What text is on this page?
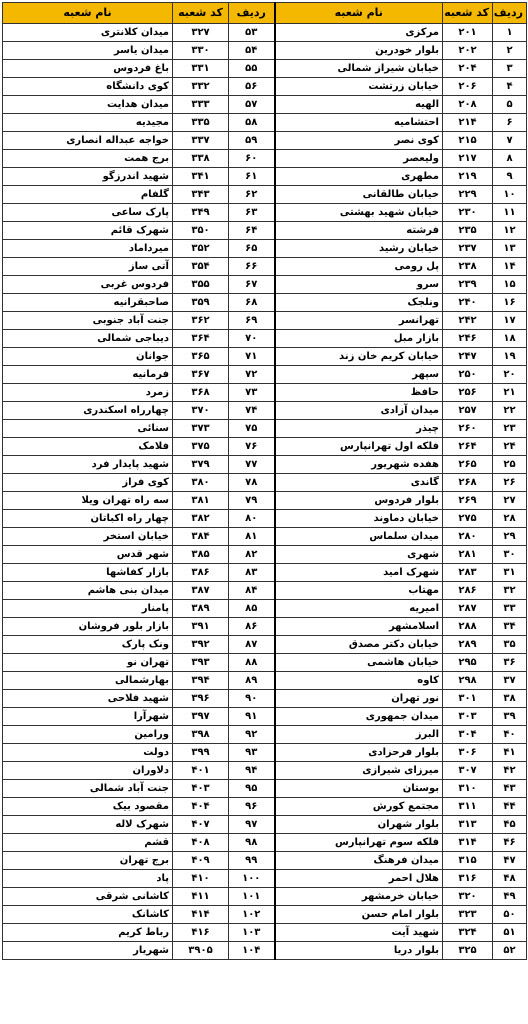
ردیف	کد شعبه	نام شعبه	ردیف	کد شعبه	نام شعبه
۱	۲۰۱	مرکزی	۵۳	۳۲۷	میدان کلانتری
۲	۲۰۲	بلوار خودرین	۵۴	۳۳۰	میدان یاسر
۳	۲۰۴	خیابان شیراز شمالی	۵۵	۳۳۱	باغ فردوس
۴	۲۰۶	خیابان زرتشت	۵۶	۳۳۲	کوی دانشگاه
۵	۲۰۸	الهیه	۵۷	۳۳۳	میدان هدایت
۶	۲۱۴	احتشامیه	۵۸	۳۳۵	مجیدیه
۷	۲۱۵	کوی نصر	۵۹	۳۳۷	خواجه عبداله انصاری
۸	۲۱۷	ولیعصر	۶۰	۳۳۸	برج همت
۹	۲۱۹	مطهری	۶۱	۳۴۱	شهید اندرزگو
۱۰	۲۲۹	خیابان طالقانی	۶۲	۳۴۳	گلفام
۱۱	۲۳۰	خیابان شهید بهشتی	۶۳	۳۴۹	پارک ساعی
۱۲	۲۳۵	فرشته	۶۴	۳۵۰	شهرک قائم
۱۳	۲۳۷	خیابان رشید	۶۵	۳۵۲	میرداماد
۱۴	۲۳۸	پل رومی	۶۶	۳۵۴	آتی ساز
۱۵	۲۳۹	سرو	۶۷	۳۵۵	فردوس غربی
۱۶	۲۴۰	ونلجک	۶۸	۳۵۹	صاحبقرانیه
۱۷	۲۴۲	تهرانسر	۶۹	۳۶۲	جنت آباد جنوبی
۱۸	۲۴۶	بازار مبل	۷۰	۳۶۴	دیباجی شمالی
۱۹	۲۴۷	خیابان کریم خان زند	۷۱	۳۶۵	جوانان
۲۰	۲۵۰	سپهر	۷۲	۳۶۷	فرمانیه
۲۱	۲۵۶	حافظ	۷۳	۳۶۸	زمرد
۲۲	۲۵۷	میدان آزادی	۷۴	۳۷۰	چهارراه اسکندری
۲۳	۲۶۰	چیذر	۷۵	۳۷۳	سنائی
۲۴	۲۶۴	فلکه اول تهرانپارس	۷۶	۳۷۵	فلامک
۲۵	۲۶۵	هفده شهریور	۷۷	۳۷۹	شهید پایدار فرد
۲۶	۲۶۸	گاندی	۷۸	۳۸۰	کوی فراز
۲۷	۲۶۹	بلوار فردوس	۷۹	۳۸۱	سه راه تهران ویلا
۲۸	۲۷۵	خیابان دماوند	۸۰	۳۸۲	چهار راه اکباتان
۲۹	۲۸۰	میدان سلماس	۸۱	۳۸۴	خیابان استخر
۳۰	۲۸۱	شهری	۸۲	۳۸۵	شهر قدس
۳۱	۲۸۳	شهرک امید	۸۳	۳۸۶	بازار کفاشها
۳۲	۲۸۶	مهتاب	۸۴	۳۸۷	میدان بنی هاشم
۳۳	۲۸۷	امیریه	۸۵	۳۸۹	پامنار
۳۴	۲۸۸	اسلامشهر	۸۶	۳۹۱	بازار بلور فروشان
۳۵	۲۸۹	خیابان دکتر مصدق	۸۷	۳۹۲	ونک پارک
۳۶	۲۹۵	خیابان هاشمی	۸۸	۳۹۳	تهران نو
۳۷	۲۹۸	کاوه	۸۹	۳۹۴	بهارشمالی
۳۸	۳۰۱	نور تهران	۹۰	۳۹۶	شهید فلاحی
۳۹	۳۰۳	میدان جمهوری	۹۱	۳۹۷	شهرآرا
۴۰	۳۰۴	البرز	۹۲	۳۹۸	ورامین
۴۱	۳۰۶	بلوار فرحزادی	۹۳	۳۹۹	دولت
۴۲	۳۰۷	میرزای شیرازی	۹۴	۴۰۱	دلاوران
۴۳	۳۱۰	بوستان	۹۵	۴۰۳	جنت آباد شمالی
۴۴	۳۱۱	مجتمع کورش	۹۶	۴۰۴	مقصود بیک
۴۵	۳۱۳	بلوار شهران	۹۷	۴۰۷	شهرک لاله
۴۶	۳۱۴	فلکه سوم تهرانپارس	۹۸	۴۰۸	قشم
۴۷	۳۱۵	میدان فرهنگ	۹۹	۴۰۹	برج تهران
۴۸	۳۱۶	هلال احمر	۱۰۰	۴۱۰	پاد
۴۹	۳۲۰	خیابان خرمشهر	۱۰۱	۴۱۱	کاشانی شرقی
۵۰	۳۲۳	بلوار امام حسن	۱۰۲	۴۱۴	کاشانک
۵۱	۳۲۴	شهید آیت	۱۰۳	۴۱۶	رباط کریم
۵۲	۳۲۵	بلوار دریا	۱۰۴	۳۹۰۵	شهریار
